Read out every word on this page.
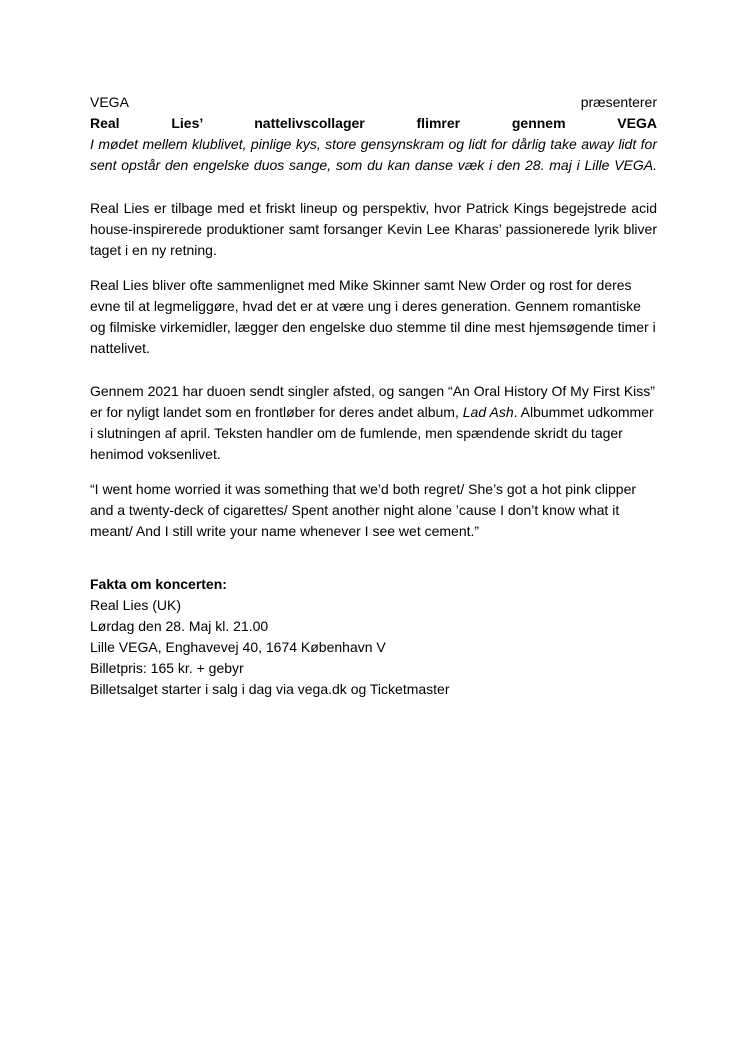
VEGA	præsenterer
Real Lies’ nattelivscollager flimrer gennem VEGA
I mødet mellem klublivet, pinlige kys, store gensynskram og lidt for dårlig take away lidt for sent opstår den engelske duos sange, som du kan danse væk i den 28. maj i Lille VEGA.

Real Lies er tilbage med et friskt lineup og perspektiv, hvor Patrick Kings begejstrede acid house-inspirerede produktioner samt forsanger Kevin Lee Kharas’ passionerede lyrik bliver taget i en ny retning.

Real Lies bliver ofte sammenlignet med Mike Skinner samt New Order og rost for deres evne til at legmeliggøre, hvad det er at være ung i deres generation. Gennem romantiske og filmiske virkemidler, lægger den engelske duo stemme til dine mest hjemsøgende timer i nattelivet.

Gennem 2021 har duoen sendt singler afsted, og sangen “An Oral History Of My First Kiss” er for nyligt landet som en frontløber for deres andet album, Lad Ash. Albummet udkommer i slutningen af april. Teksten handler om de fumlende, men spændende skridt du tager henimod voksenlivet.

“I went home worried it was something that we’d both regret/ She’s got a hot pink clipper and a twenty-deck of cigarettes/ Spent another night alone ’cause I don’t know what it meant/ And I still write your name whenever I see wet cement.”

Fakta om koncerten:
Real Lies (UK)
Lørdag den 28. Maj kl. 21.00
Lille VEGA, Enghavevej 40, 1674 København V
Billetpris: 165 kr. + gebyr
Billetsalget starter i salg i dag via vega.dk og Ticketmaster
